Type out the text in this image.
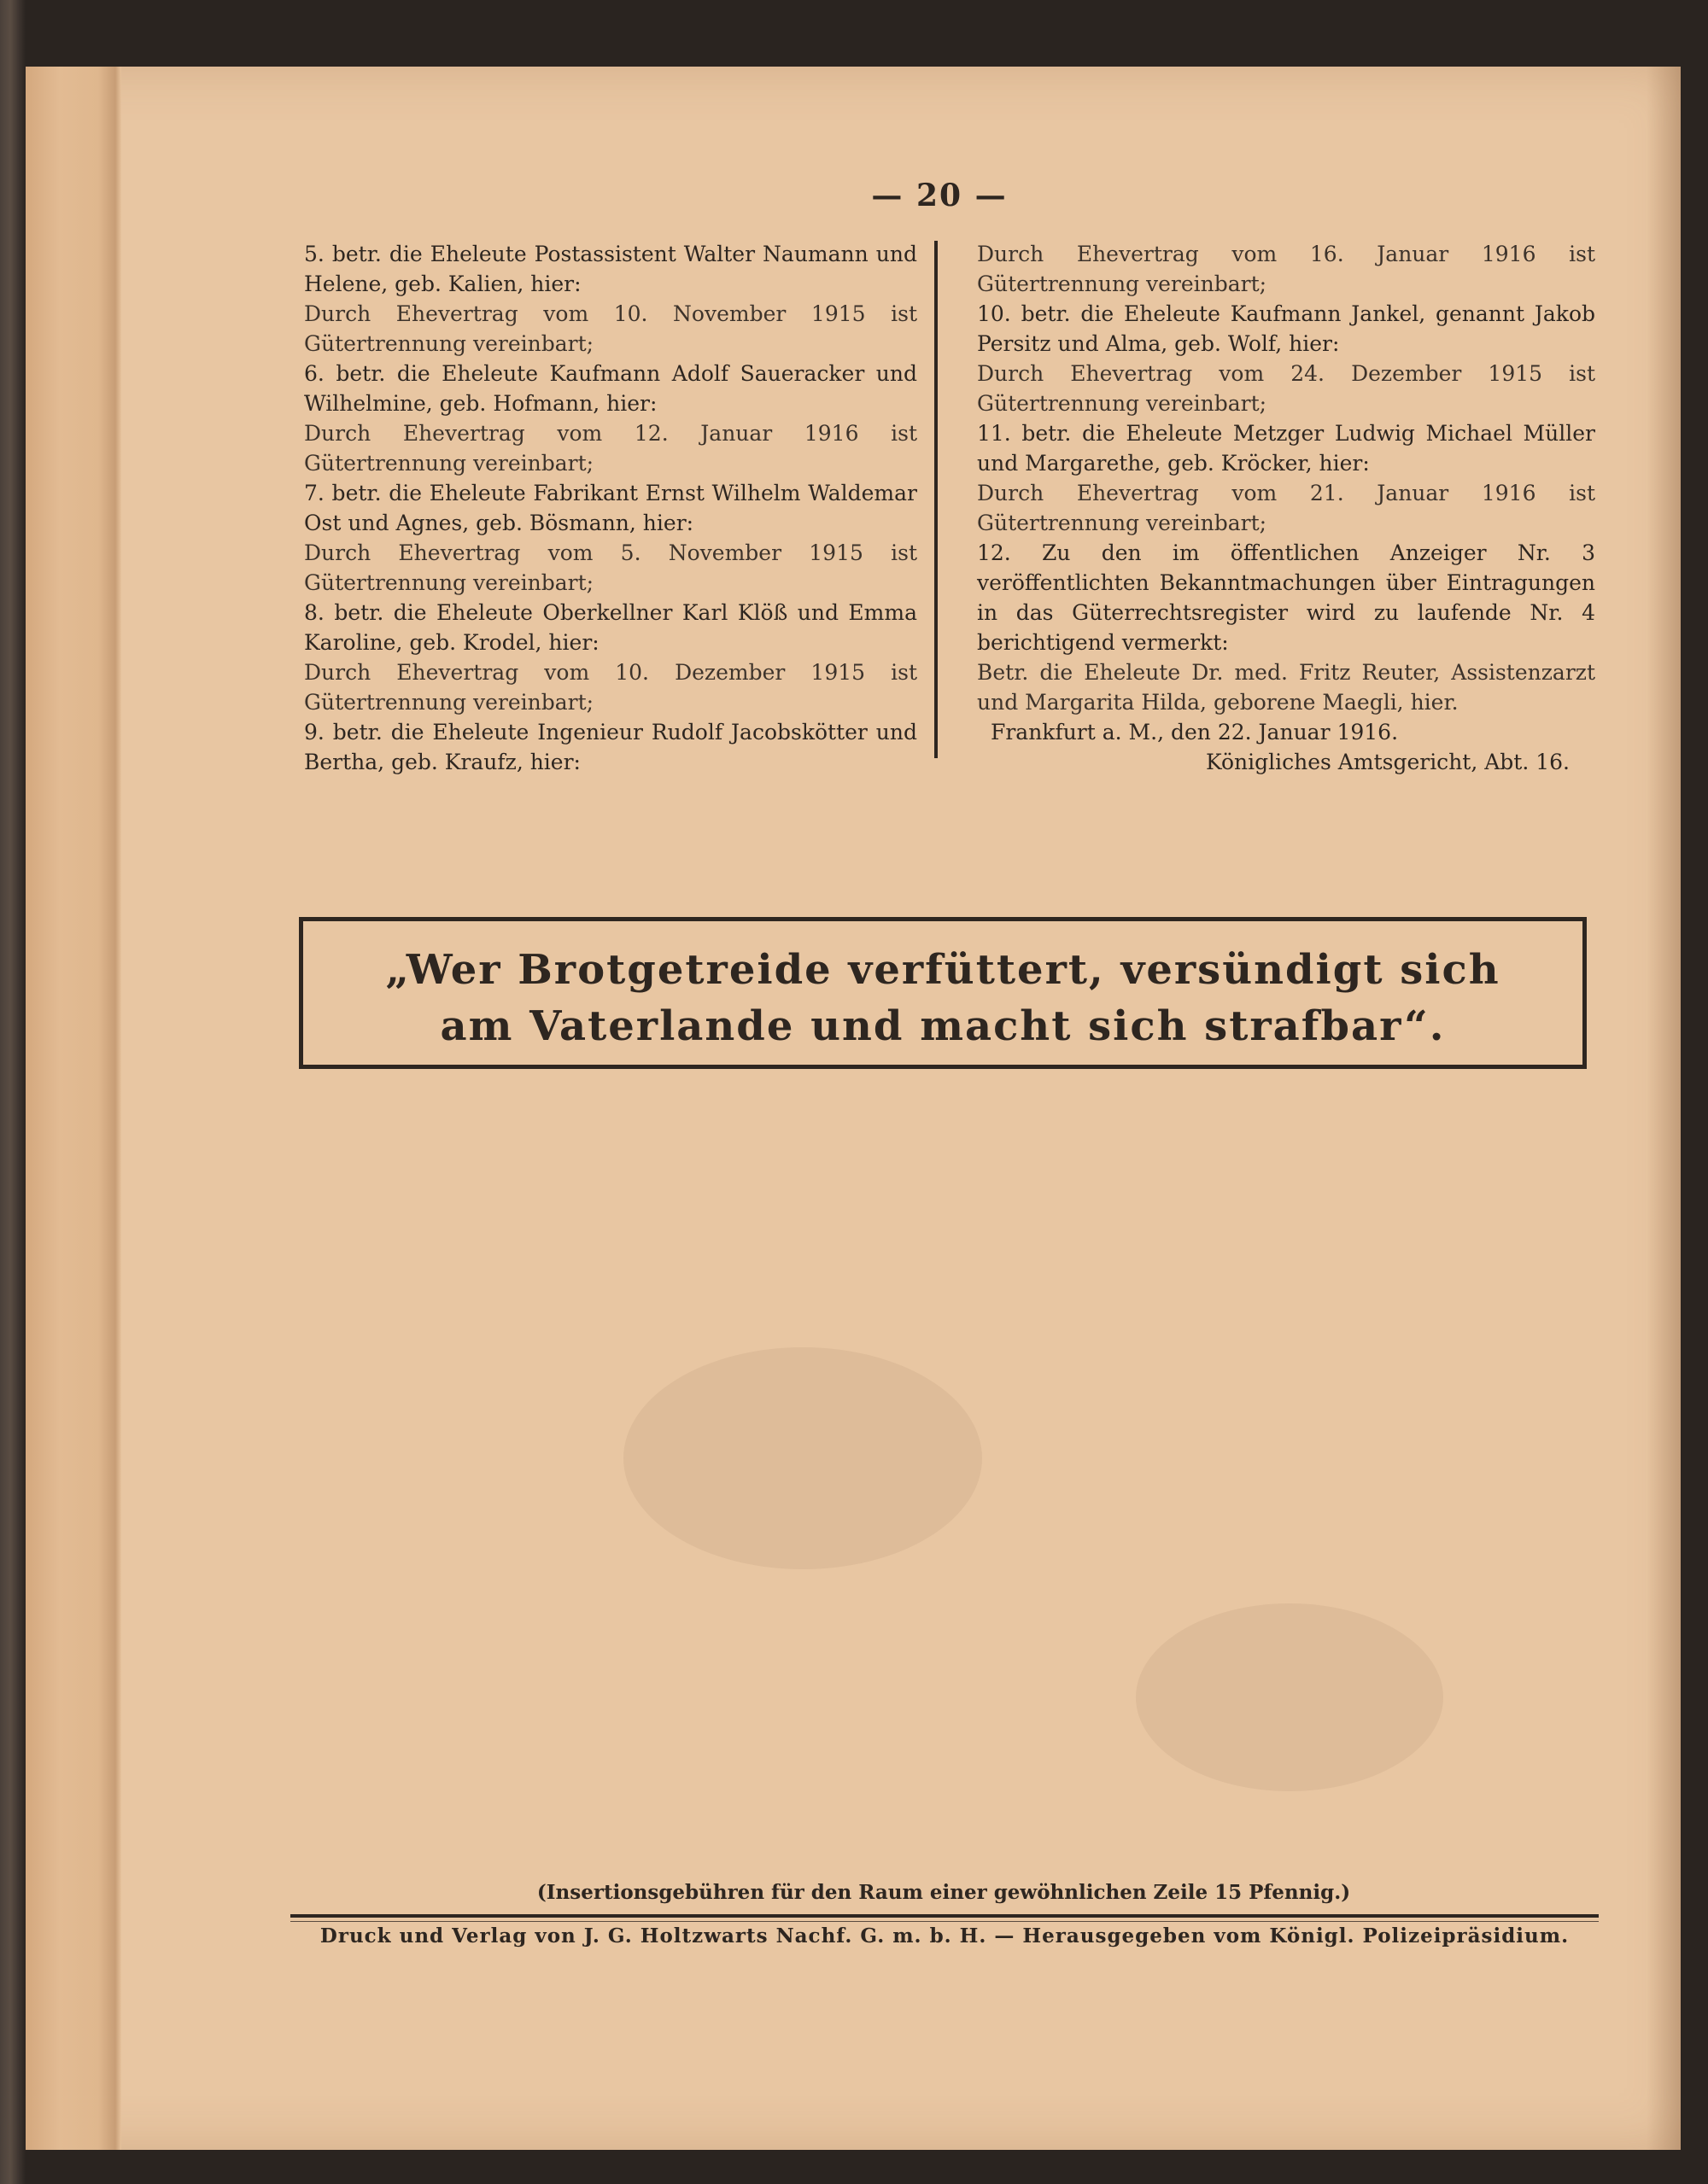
— 20 —

5. betr. die Eheleute Postassistent Walter Naumann und Helene, geb. Kalien, hier:

Durch Ehevertrag vom 10. November 1915 ist Gütertrennung vereinbart;

6. betr. die Eheleute Kaufmann Adolf Saueracker und Wilhelmine, geb. Hofmann, hier:

Durch Ehevertrag vom 12. Januar 1916 ist Gütertrennung vereinbart;

7. betr. die Eheleute Fabrikant Ernst Wilhelm Waldemar Ost und Agnes, geb. Bösmann, hier:

Durch Ehevertrag vom 5. November 1915 ist Gütertrennung vereinbart;

8. betr. die Eheleute Oberkellner Karl Klöß und Emma Karoline, geb. Krodel, hier:

Durch Ehevertrag vom 10. Dezember 1915 ist Gütertrennung vereinbart;

9. betr. die Eheleute Ingenieur Rudolf Jacobskötter und Bertha, geb. Kraufz, hier:

Durch Ehevertrag vom 16. Januar 1916 ist Gütertrennung vereinbart;

10. betr. die Eheleute Kaufmann Jankel, genannt Jakob Persitz und Alma, geb. Wolf, hier:

Durch Ehevertrag vom 24. Dezember 1915 ist Gütertrennung vereinbart;

11. betr. die Eheleute Metzger Ludwig Michael Müller und Margarethe, geb. Kröcker, hier:

Durch Ehevertrag vom 21. Januar 1916 ist Gütertrennung vereinbart;

12. Zu den im öffentlichen Anzeiger Nr. 3 veröffentlichten Bekanntmachungen über Eintragungen in das Güterrechtsregister wird zu laufende Nr. 4 berichtigend vermerkt:

Betr. die Eheleute Dr. med. Fritz Reuter, Assistenzarzt und Margarita Hilda, geborene Maegli, hier.

Frankfurt a. M., den 22. Januar 1916.

Königliches Amtsgericht, Abt. 16.

„Wer Brotgetreide verfüttert, versündigt sich
am Vaterlande und macht sich strafbar“.
(Insertionsgebühren für den Raum einer gewöhnlichen Zeile 15 Pfennig.)
Druck und Verlag von J. G. Holtzwarts Nachf. G. m. b. H. — Herausgegeben vom Königl. Polizeipräsidium.
